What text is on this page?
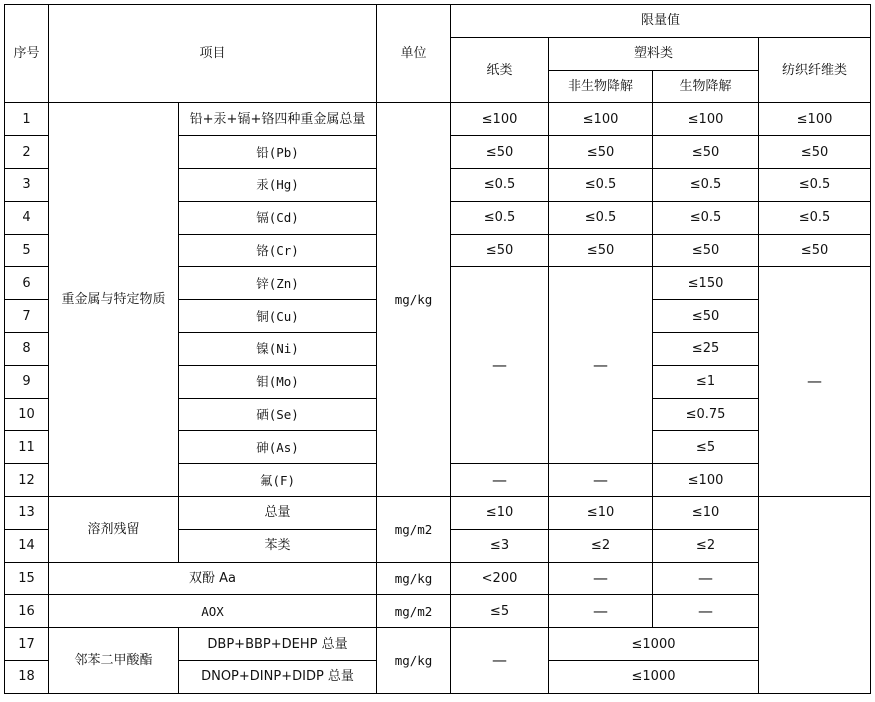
序号	项目		单位	限量值			
				纸类	塑料类		纺织纤维类
					非生物降解	生物降解	
1	重金属与特定物质	铅+汞+镉+铬四种重金属总量	mg/kg	≤100	≤100	≤100	≤100
2		铅(Pb)		≤50	≤50	≤50	≤50
3		汞(Hg)		≤0.5	≤0.5	≤0.5	≤0.5
4		镉(Cd)		≤0.5	≤0.5	≤0.5	≤0.5
5		铬(Cr)		≤50	≤50	≤50	≤50
6		锌(Zn)		—	—	≤150	—
7		铜(Cu)				≤50	
8		镍(Ni)				≤25	
9		钼(Mo)				≤1	
10		硒(Se)				≤0.75	
11		砷(As)				≤5	
12		氟(F)		—	—	≤100	
13	溶剂残留	总量	mg/m2	≤10	≤10	≤10	
14		苯类		≤3	≤2	≤2	
15	双酚 Aa		mg/kg	<200	—	—	
16	AOX		mg/m2	≤5	—	—	
17	邻苯二甲酸酯	DBP+BBP+DEHP 总量	mg/kg	—	≤1000		
18		DNOP+DINP+DIDP 总量			≤1000		
